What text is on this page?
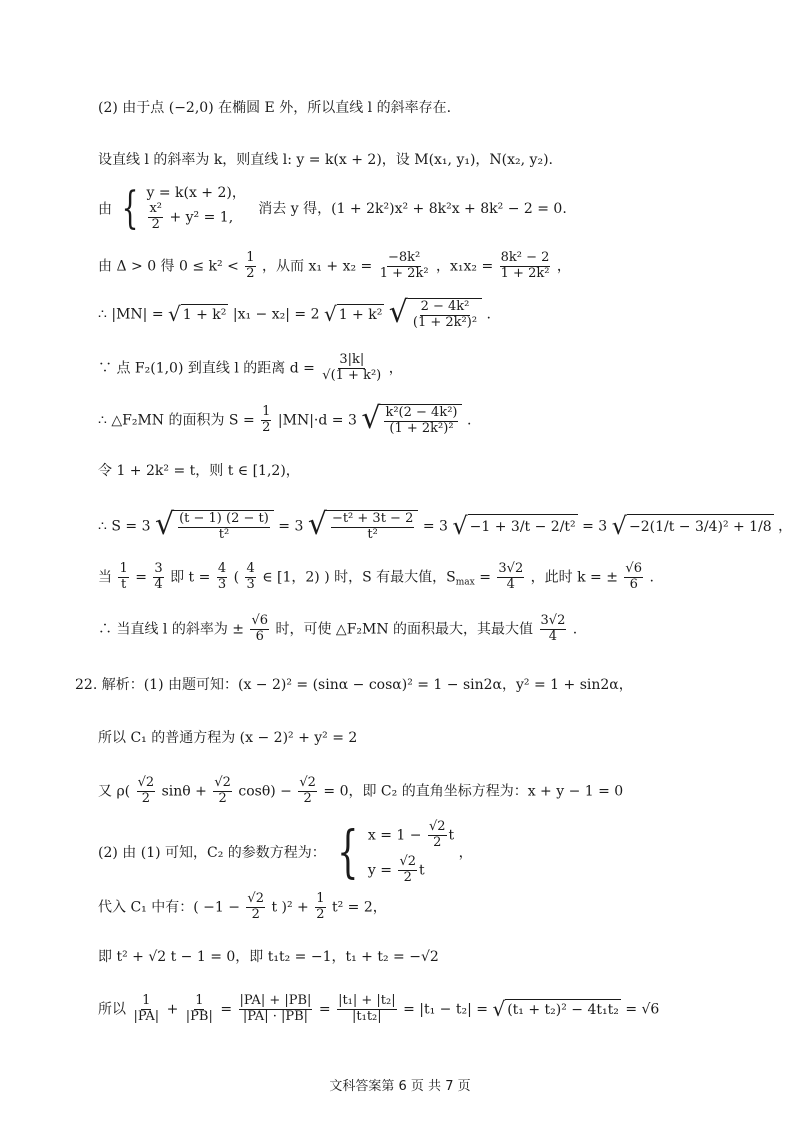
(2) 由于点 (−2,0) 在椭圆 E 外，所以直线 l 的斜率存在.
设直线 l 的斜率为 k，则直线 l: y = k(x + 2)，设 M(x₁, y₁)，N(x₂, y₂).
由 { y = k(x + 2)，
$\frac{\text{x²}}{2} + y^2 = 1$,	消去 y 得，(1 + 2k²)x² + 8k²x + 8k² − 2 = 0.
由 Δ > 0 得 $0 \le k^2 < \frac{1}{2}$ ，从而 $x_1 + x_2 = \frac{\text{−8k²}}{\text{1 + 2k²}}$ ，$x_1x_2 = \frac{\text{8k² − 2}}{\text{1 + 2k²}}$ ，
∴ |MN| = √ 1 + k² |x₁ − x₂| = 2 √ 1 + k²
√ $\frac{\text{2 − 4k²}}{\text{(1 + 2k²)²}}$ .
∵ 点 F₂(1,0) 到直线 l 的距离 $d = \frac{3|k|}{\text{√(1 + k²)}}$ ，
∴ △F₂MN 的面积为 $S = \frac{1}{2} |MN|\cdot d = 3$ √ $\frac{\text{k²(2 − 4k²)}}{\text{(1 + 2k²)²}}$ .
令 1 + 2k² = t，则 t ∈ [1,2)，
∴ S = 3 √ $\frac{(t - 1) (2 - t)}{\text{t²}} = 3$ √ $\frac{\text{−t² + 3t − 2}}{\text{t²}} = 3$ √ −1 + 3/t − 2/t² = 3 √ −2(1/t − 3/4)² + 1/8 ，
当 $\frac{1}{t} = \frac{3}{4}$ 即 $t = \frac{4}{3}$ ( $\frac{4}{3}$ ∈ [1，2) ) 时，S 有最大值，$S_{max} = \frac{3√2}{4}$ ，此时 k = ± $\frac{√6}{6}$ .
∴ 当直线 l 的斜率为 ± $\frac{√6}{6}$ 时，可使 △F₂MN 的面积最大，其最大值 $\frac{3√2}{4}$ .
22. 解析：(1) 由题可知：(x − 2)² = (sinα − cosα)² = 1 − sin2α，y² = 1 + sin2α，
所以 C₁ 的普通方程为 (x − 2)² + y² = 2
又 $\rho( \frac{√2}{2}$ $\sin\theta + \frac{√2}{2} \cos\theta) - \frac{√2}{2} = 0$，即 C₂ 的直角坐标方程为：x + y − 1 = 0
(2) 由 (1) 可知，C₂ 的参数方程为： { $x = 1 - \frac{√2}{2}$ t
$y = \frac{√2}{2}$ t
，
代入 C₁ 中有：( $-1 - \frac{√2}{2}$ t )$^2 + \frac{1}{2} t^2 = 2$，
即 t² + √2 t − 1 = 0，即 t₁t₂ = −1，t₁ + t₂ = −√2
所以 $\frac{1}{|PA|} + \frac{1}{|PB|} = \frac{|PA| + |PB|}{|PA| \cdot |PB|} = \frac{\text{|t₁| + |t₂|}}{\text{|t₁t₂|}} = |t_1 - t_2|$ = √ (t₁ + t₂)² − 4t₁t₂ = √6
文科答案第 6 页 共 7 页
